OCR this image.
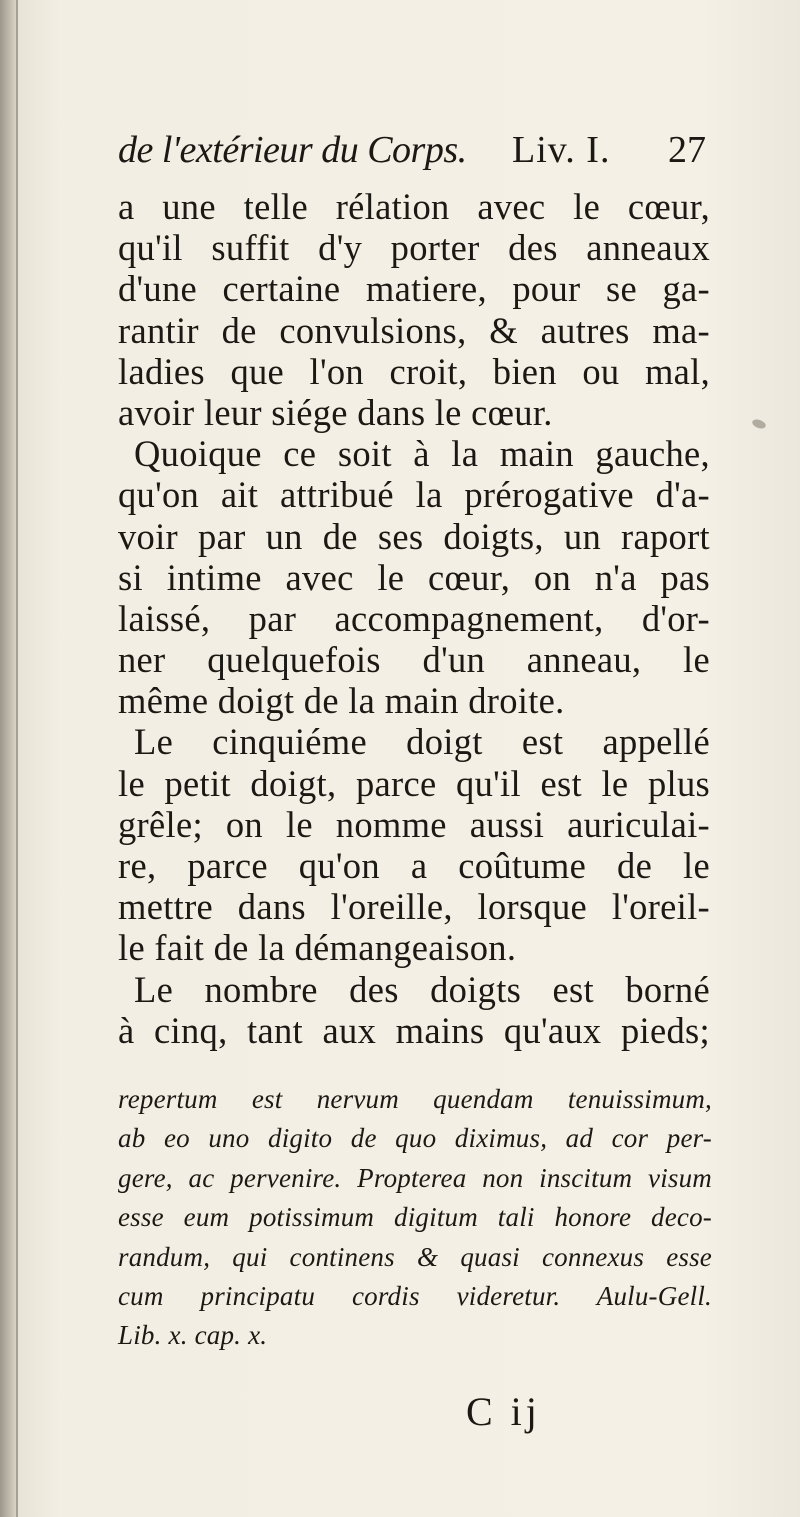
de l'extérieur du Corps. Liv. I. 27
a une telle rélation avec le cœur,
qu'il suffit d'y porter des anneaux
d'une certaine matiere, pour se ga-
rantir de convulsions, & autres ma-
ladies que l'on croit, bien ou mal,
avoir leur siége dans le cœur.
Quoique ce soit à la main gauche,
qu'on ait attribué la prérogative d'a-
voir par un de ses doigts, un raport
si intime avec le cœur, on n'a pas
laissé, par accompagnement, d'or-
ner quelquefois d'un anneau, le
même doigt de la main droite.
Le cinquiéme doigt est appellé
le petit doigt, parce qu'il est le plus
grêle; on le nomme aussi auriculai-
re, parce qu'on a coûtume de le
mettre dans l'oreille, lorsque l'oreil-
le fait de la démangeaison.
Le nombre des doigts est borné
à cinq, tant aux mains qu'aux pieds;
repertum est nervum quendam tenuissimum,
ab eo uno digito de quo diximus, ad cor per-
gere, ac pervenire. Propterea non inscitum visum
esse eum potissimum digitum tali honore deco-
randum, qui continens & quasi connexus esse
cum principatu cordis videretur. Aulu-Gell.
Lib. x. cap. x.
C ij
